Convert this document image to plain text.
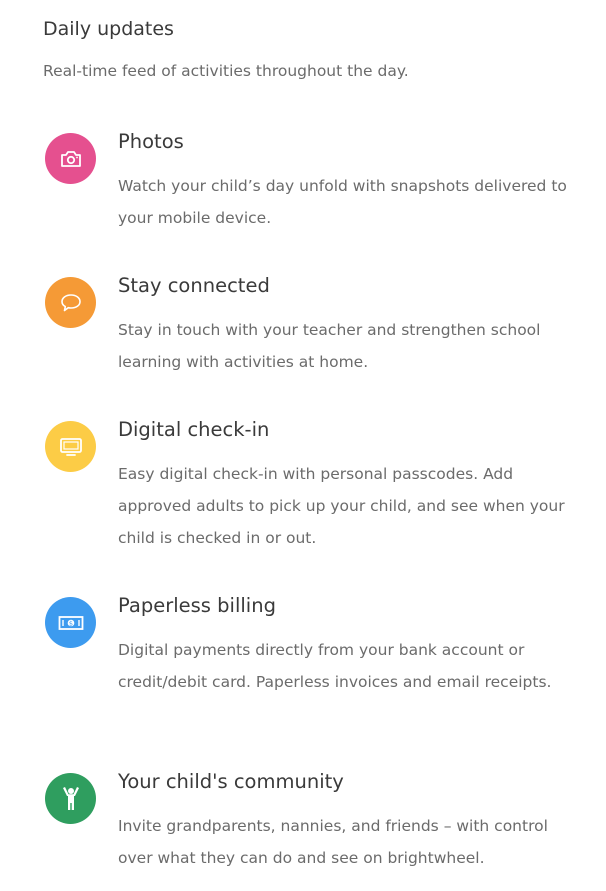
Daily updates
Real-time feed of activities throughout the day.
Photos
Watch your child’s day unfold with snapshots delivered to your mobile device.
Stay connected
Stay in touch with your teacher and strengthen school learning with activities at home.
Digital check-in
Easy digital check-in with personal passcodes. Add approved adults to pick up your child, and see when your child is checked in or out.
$
Paperless billing
Digital payments directly from your bank account or credit/debit card. Paperless invoices and email receipts.
Your child's community
Invite grandparents, nannies, and friends – with control over what they can do and see on brightwheel.
